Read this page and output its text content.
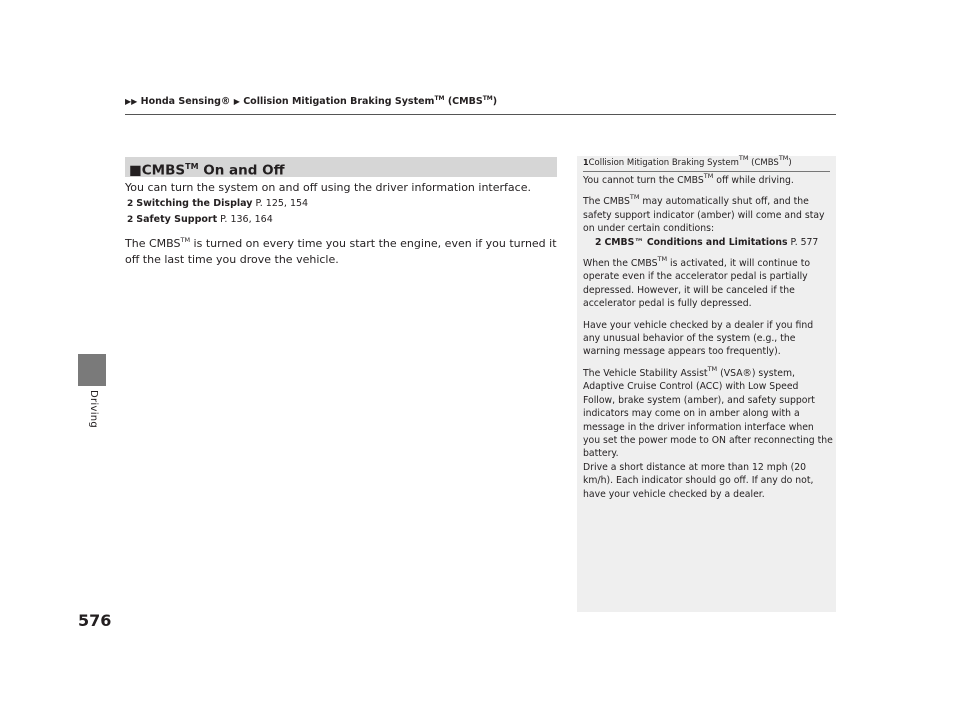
▶▶ Honda Sensing® ▶ Collision Mitigation Braking System™ (CMBS™)
Driving
576
■CMBS™ On and Off

You can turn the system on and off using the driver information interface.

2 Switching the Display P. 125, 154
2 Safety Support P. 136, 164

The CMBS™ is turned on every time you start the engine, even if you turned it off the last time you drove the vehicle.

1Collision Mitigation Braking System™ (CMBS™)

You cannot turn the CMBS™ off while driving.

The CMBS™ may automatically shut off, and the safety support indicator (amber) will come and stay on under certain conditions:
2 CMBS™ Conditions and Limitations P. 577

When the CMBS™ is activated, it will continue to operate even if the accelerator pedal is partially depressed. However, it will be canceled if the accelerator pedal is fully depressed.

Have your vehicle checked by a dealer if you find any unusual behavior of the system (e.g., the warning message appears too frequently).

The Vehicle Stability Assist™ (VSA®) system, Adaptive Cruise Control (ACC) with Low Speed Follow, brake system (amber), and safety support indicators may come on in amber along with a message in the driver information interface when you set the power mode to ON after reconnecting the battery.

Drive a short distance at more than 12 mph (20 km/h). Each indicator should go off. If any do not, have your vehicle checked by a dealer.
